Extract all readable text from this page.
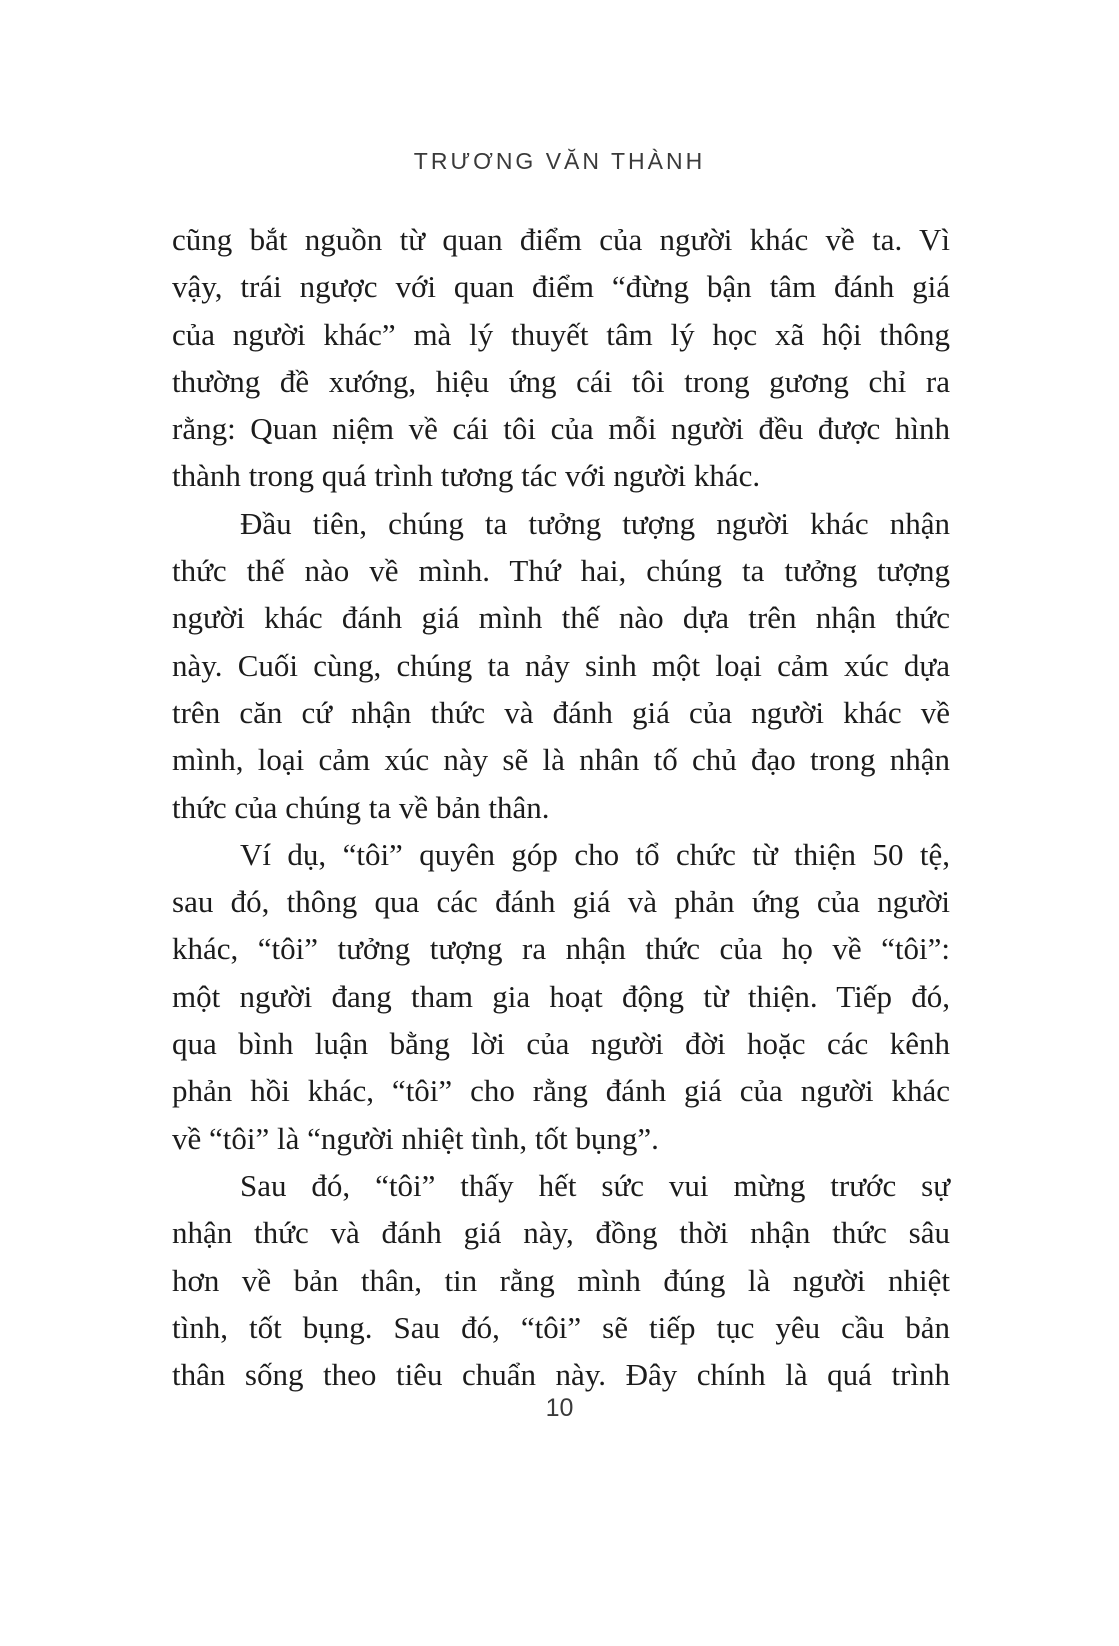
TRƯƠNG VĂN THÀNH
cũng bắt nguồn từ quan điểm của người khác về ta. Vì
vậy, trái ngược với quan điểm “đừng bận tâm đánh giá
của người khác” mà lý thuyết tâm lý học xã hội thông
thường đề xướng, hiệu ứng cái tôi trong gương chỉ ra
rằng: Quan niệm về cái tôi của mỗi người đều được hình
thành trong quá trình tương tác với người khác.
Đầu tiên, chúng ta tưởng tượng người khác nhận
thức thế nào về mình. Thứ hai, chúng ta tưởng tượng
người khác đánh giá mình thế nào dựa trên nhận thức
này. Cuối cùng, chúng ta nảy sinh một loại cảm xúc dựa
trên căn cứ nhận thức và đánh giá của người khác về
mình, loại cảm xúc này sẽ là nhân tố chủ đạo trong nhận
thức của chúng ta về bản thân.
Ví dụ, “tôi” quyên góp cho tổ chức từ thiện 50 tệ,
sau đó, thông qua các đánh giá và phản ứng của người
khác, “tôi” tưởng tượng ra nhận thức của họ về “tôi”:
một người đang tham gia hoạt động từ thiện. Tiếp đó,
qua bình luận bằng lời của người đời hoặc các kênh
phản hồi khác, “tôi” cho rằng đánh giá của người khác
về “tôi” là “người nhiệt tình, tốt bụng”.
Sau đó, “tôi” thấy hết sức vui mừng trước sự
nhận thức và đánh giá này, đồng thời nhận thức sâu
hơn về bản thân, tin rằng mình đúng là người nhiệt
tình, tốt bụng. Sau đó, “tôi” sẽ tiếp tục yêu cầu bản
thân sống theo tiêu chuẩn này. Đây chính là quá trình
10
